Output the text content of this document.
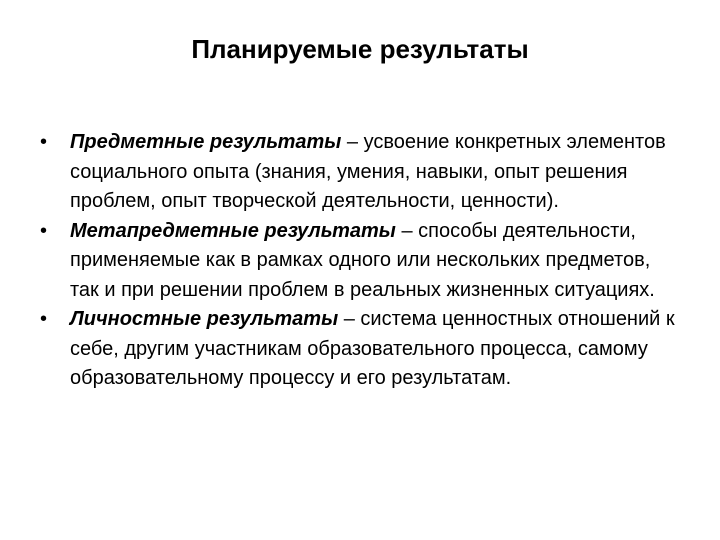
Планируемые результаты
• Предметные результаты – усвоение конкретных элементов социального опыта (знания, умения, навыки, опыт решения проблем, опыт творческой деятельности, ценности).
• Метапредметные результаты – способы деятельности, применяемые как в рамках одного или нескольких предметов, так и при решении проблем в реальных жизненных ситуациях.
• Личностные результаты – система ценностных отношений к себе, другим участникам образовательного процесса, самому образовательному процессу и его результатам.
